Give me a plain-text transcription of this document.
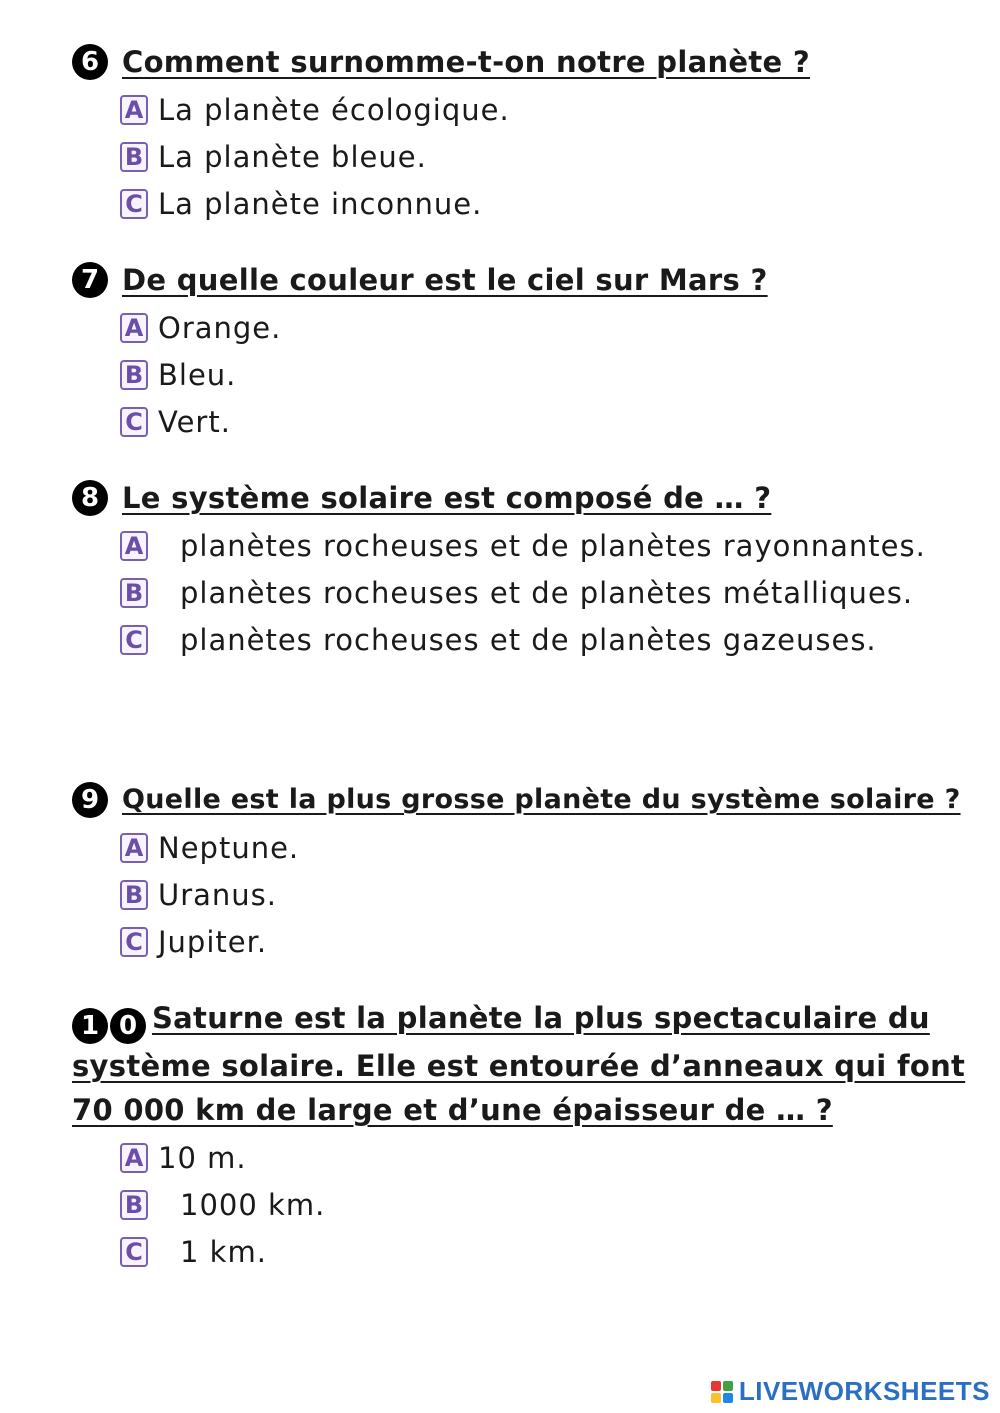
6 Comment surnomme-t-on notre planète ?
A La planète écologique.
B La planète bleue.
C La planète inconnue.
7 De quelle couleur est le ciel sur Mars ?
A Orange.
B Bleu.
C Vert.
8 Le système solaire est composé de … ?
A planètes rocheuses et de planètes rayonnantes.
B planètes rocheuses et de planètes métalliques.
C planètes rocheuses et de planètes gazeuses.
9 Quelle est la plus grosse planète du système solaire ?
A Neptune.
B Uranus.
C Jupiter.
1 0 Saturne est la planète la plus spectaculaire du système solaire. Elle est entourée d’anneaux qui font 70 000 km de large et d’une épaisseur de … ?
A 10 m.
B 1000 km.
C 1 km.
LIVEWORKSHEETS
